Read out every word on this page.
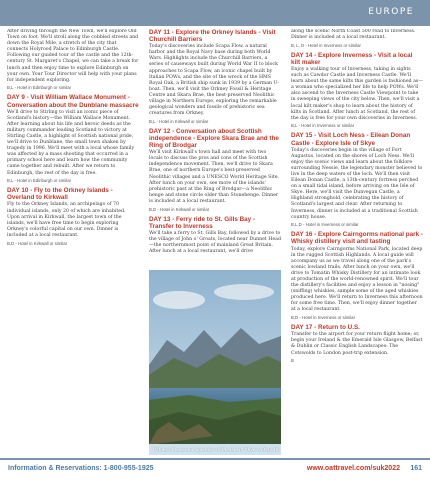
EUROPE
After driving through the New Town, we'll explore Old Town on foot. We'll stroll along the cobbled streets and down the Royal Mile, a stretch of the city that connects Holyrood Palace to Edinburgh Castle. Following our guided tour of the castle and the 12th-century St. Margaret's Chapel, we can take a break for lunch and then enjoy time to explore Edinburgh on your own. Your Tour Director will help with your plans for independent exploring.
B,L - Hotel in Edinburgh or similar
DAY 9 - Visit William Wallace Monument - Conversation about the Dunblane massacre
We'll drive to Stirling to visit an iconic piece of Scotland's history—the William Wallace Monument. After learning about his life and heroic deeds as the military commander leading Scotland to victory at Stirling Castle, a highlight of Scottish national pride, we'll drive to Dunblane, the small town shaken by tragedy in 1996. We'll meet with a local whose family was affected by a mass shooting that occurred in a primary school here and learn how the community came together and rebuilt. After we return to Edinburgh, the rest of the day is free.
B,L - Hotel in Edinburgh or similar
DAY 10 - Fly to the Orkney Islands - Overland to Kirkwall
Fly to the Orkney Islands, an archipelago of 70 individual islands, only 20 of which are inhabited. Upon arrival in Kirkwall, the largest town of the islands, we'll have free time to begin exploring Orkney's colorful capital on our own. Dinner is included at a local restaurant.
B,D - Hotel in Kirkwall or similar
DAY 11 - Explore the Orkney Islands - Visit Churchill Barriers
Today's discoveries include Scapa Flow, a natural harbor and the Royal Navy base during both World Wars. Highlights include the Churchill Barriers, a series of causeways built during World War II to block approaches to Scapa Flow, an iconic chapel built by Italian POWs, and the site of the wreck of the HMS Royal Oak, a British ship sunk in 1939 by a German U-boat. Then, we'll visit the Orkney Fossil & Heritage Centre and Skara Brae, the best-preserved Neolithic village in Northern Europe, exploring the remarkable geological wonders and fossils of prehistoric sea creatures from Orkney.
B,L - Hotel in Kirkwall or similar
DAY 12 - Conversation about Scottish independence - Explore Skara Brae and the Ring of Brodgar
We'll visit Kirkwall's town hall and meet with two locals to discuss the pros and cons of the Scottish independence movement. Then, we'll drive to Skara Brae, one of northern Europe's best-preserved Neolithic villages and a UNESCO World Heritage Site. After lunch on your own, see more of the islands' prehistoric past at the Ring of Brodgar—a Neolithic henge and stone circle older than Stonehenge. Dinner is included at a local restaurant.
B,D - Hotel in Kirkwall or similar
DAY 13 - Ferry ride to St. Gills Bay - Transfer to Inverness
We'll take a ferry to St. Gills Bay, followed by a drive to the village of John o' Groats, located near Dunnet Head—the northernmost point of mainland Great Britain. After lunch at a local restaurant, we'll drive
Witness the scenic splendor of the Isle of Skye on Day 15.
along the scenic North Coast 500 road to Inverness. Dinner is included at a local restaurant.
B, L, D - Hotel in Inverness or similar
DAY 14 - Explore Inverness - Visit a local kilt maker
Enjoy a walking tour of Inverness, taking in sights such as Cawdor Castle and Inverness Castle. We'll learn about the same kilts this garden is fashioned as—a woman who specialized her life to help POWs. We'll also ascend to the Inverness Castle Viewpoint to take in sweeping views of the city below. Then, we'll visit a local kilt maker's shop to learn about the history of kilts in Scotland. After lunch at Scotland, the rest of the day is free for your own discoveries in Inverness.
B,L - Hotel in Inverness or similar
DAY 15 - Visit Loch Ness - Eilean Donan Castle - Explore Isle of Skye
Today's discoveries begin in the village of Fort Augustus, located on the shores of Loch Ness. We'll enjoy the scenic views and learn about the folklore surrounding Nessie, the legendary monster believed to live in the deep waters of the loch. We'll then visit Eilean Donan Castle, a 13th-century fortress perched on a small tidal island, before arriving on the Isle of Skye. Here, we'll visit the Dunvegan Castle, a Highland stronghold, celebrating the history of Scotland's largest and clear. After returning to Inverness, dinner is included at a traditional Scottish country house.
B,L,D - Hotel in Inverness or similar
DAY 16 - Explore Cairngorms national park - Whisky distillery visit and tasting
Today, explore Cairngorms National Park, located deep in the rugged Scottish Highlands. A local guide will accompany us as we travel along one of the park's scenic lowland trails. After lunch on your own, we'll drive to Tomatin Whisky Distillery for an intimate look at production of the world-renowned spirit. We'll tour the distillery's facilities and enjoy a lesson in "nosing" (sniffing) whiskies, sample some of the aged whiskies produced here. We'll return to Inverness this afternoon for some free time. Then, we'll enjoy dinner together at a local restaurant.
B,D - Hotel in Inverness or similar
DAY 17 - Return to U.S.
Transfer to the airport for your return flight home; or, begin your Ireland & the Emerald Isle Glasgow, Belfast & Dublin or Classic English Landscapes: The Cotswolds to London post-trip extension.
B
Information & Reservations: 1-800-955-1925	www.oattravel.com/suk2022 161
